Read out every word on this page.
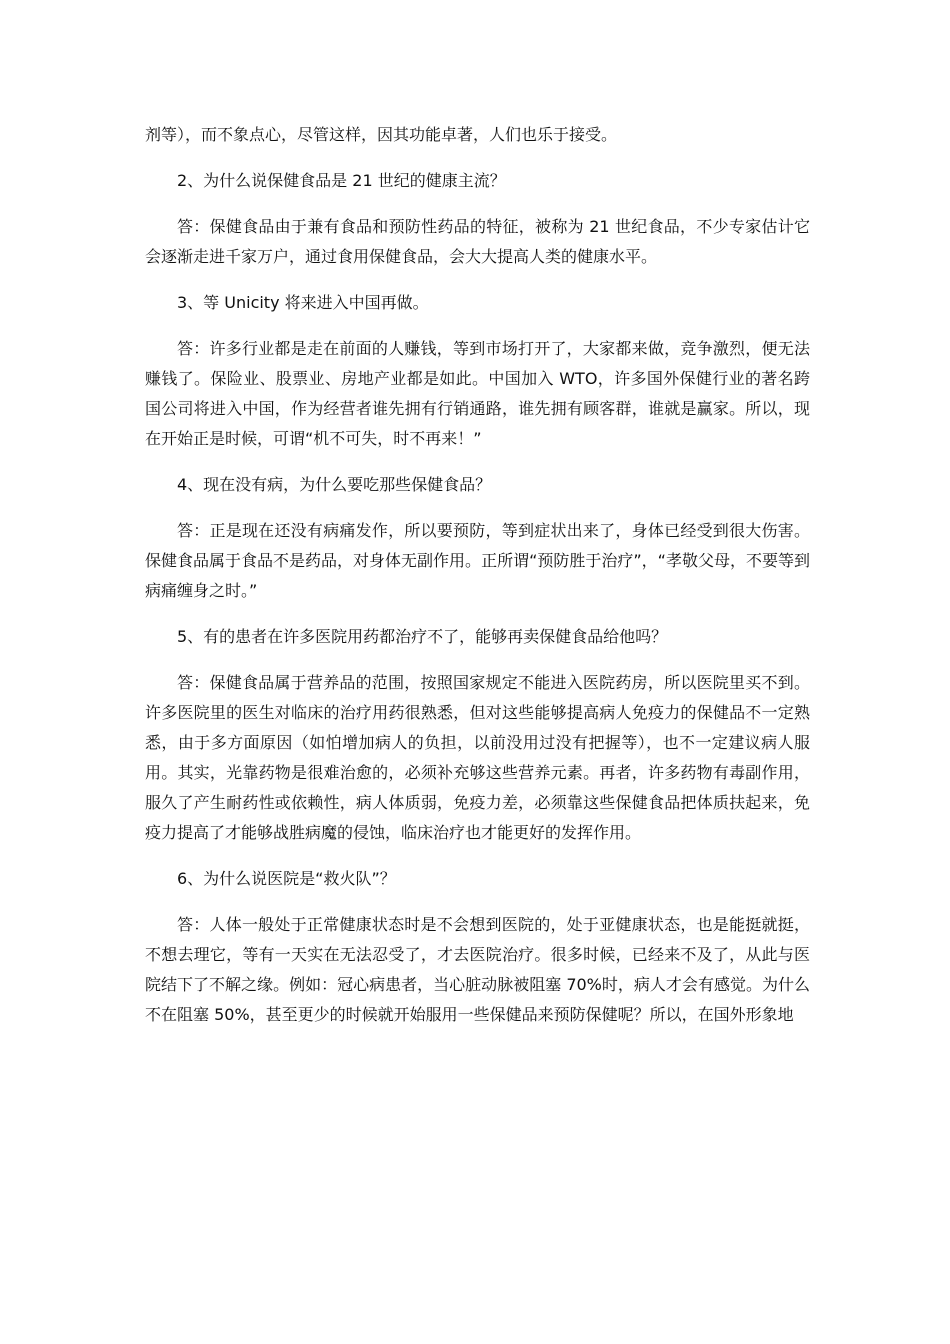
剂等），而不象点心，尽管这样，因其功能卓著，人们也乐于接受。

2、为什么说保健食品是 21 世纪的健康主流？

答：保健食品由于兼有食品和预防性药品的特征，被称为 21 世纪食品，不少专家估计它会逐渐走进千家万户，通过食用保健食品，会大大提高人类的健康水平。

3、等 Unicity 将来进入中国再做。

答：许多行业都是走在前面的人赚钱，等到市场打开了，大家都来做，竞争激烈，便无法赚钱了。保险业、股票业、房地产业都是如此。中国加入 WTO，许多国外保健行业的著名跨国公司将进入中国，作为经营者谁先拥有行销通路，谁先拥有顾客群，谁就是赢家。所以，现在开始正是时候，可谓“机不可失，时不再来！”

4、现在没有病，为什么要吃那些保健食品？

答：正是现在还没有病痛发作，所以要预防，等到症状出来了，身体已经受到很大伤害。保健食品属于食品不是药品，对身体无副作用。正所谓“预防胜于治疗”，“孝敬父母，不要等到病痛缠身之时。”

5、有的患者在许多医院用药都治疗不了，能够再卖保健食品给他吗？

答：保健食品属于营养品的范围，按照国家规定不能进入医院药房，所以医院里买不到。许多医院里的医生对临床的治疗用药很熟悉，但对这些能够提高病人免疫力的保健品不一定熟悉，由于多方面原因（如怕增加病人的负担，以前没用过没有把握等），也不一定建议病人服用。其实，光靠药物是很难治愈的，必须补充够这些营养元素。再者，许多药物有毒副作用，服久了产生耐药性或依赖性，病人体质弱，免疫力差，必须靠这些保健食品把体质扶起来，免疫力提高了才能够战胜病魔的侵蚀，临床治疗也才能更好的发挥作用。

6、为什么说医院是“救火队”？

答：人体一般处于正常健康状态时是不会想到医院的，处于亚健康状态，也是能挺就挺，不想去理它，等有一天实在无法忍受了，才去医院治疗。很多时候，已经来不及了，从此与医院结下了不解之缘。例如：冠心病患者，当心脏动脉被阻塞 70%时，病人才会有感觉。为什么不在阻塞 50%，甚至更少的时候就开始服用一些保健品来预防保健呢？所以，在国外形象地
